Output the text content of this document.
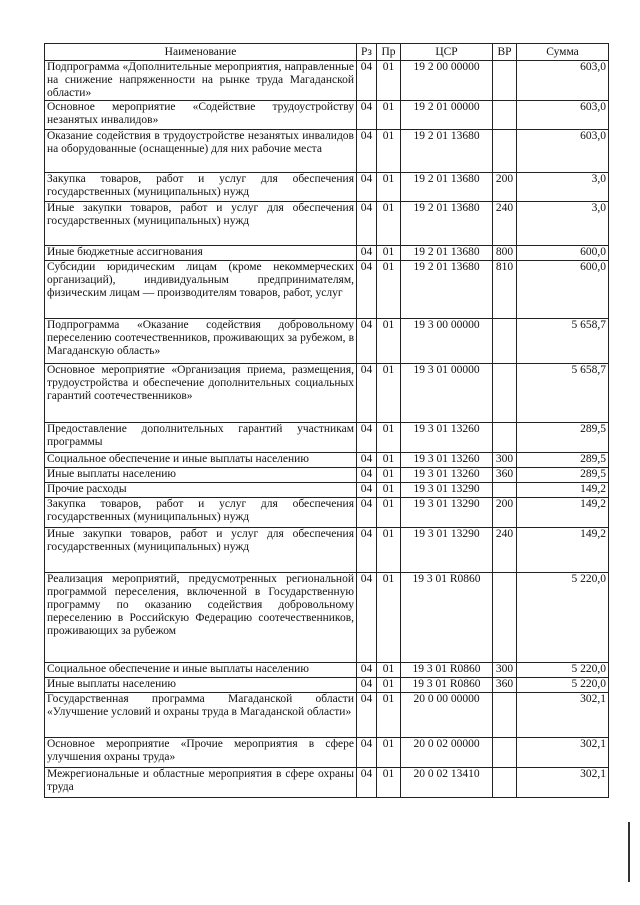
Наименование	Рз	Пр	ЦСР	ВР	Сумма
Подпрограмма «Дополнительные мероприятия, направленные на снижение напряженности на рынке труда Магаданской области»	04	01	19 2 00 00000		603,0
Основное мероприятие «Содействие трудоустройству незанятых инвалидов»	04	01	19 2 01 00000		603,0
Оказание содействия в трудоустройстве незанятых инвалидов на оборудованные (оснащенные) для них рабочие места	04	01	19 2 01 13680		603,0
Закупка товаров, работ и услуг для обеспечения государственных (муниципальных) нужд	04	01	19 2 01 13680	200	3,0
Иные закупки товаров, работ и услуг для обеспечения государственных (муниципальных) нужд	04	01	19 2 01 13680	240	3,0
Иные бюджетные ассигнования	04	01	19 2 01 13680	800	600,0
Субсидии юридическим лицам (кроме некоммерческих организаций), индивидуальным предпринимателям, физическим лицам — производителям товаров, работ, услуг	04	01	19 2 01 13680	810	600,0
Подпрограмма «Оказание содействия добровольному переселению соотечественников, проживающих за рубежом, в Магаданскую область»	04	01	19 3 00 00000		5 658,7
Основное мероприятие «Организация приема, размещения, трудоустройства и обеспечение дополнительных социальных гарантий соотечественников»	04	01	19 3 01 00000		5 658,7
Предоставление дополнительных гарантий участникам программы	04	01	19 3 01 13260		289,5
Социальное обеспечение и иные выплаты населению	04	01	19 3 01 13260	300	289,5
Иные выплаты населению	04	01	19 3 01 13260	360	289,5
Прочие расходы	04	01	19 3 01 13290		149,2
Закупка товаров, работ и услуг для обеспечения государственных (муниципальных) нужд	04	01	19 3 01 13290	200	149,2
Иные закупки товаров, работ и услуг для обеспечения государственных (муниципальных) нужд	04	01	19 3 01 13290	240	149,2
Реализация мероприятий, предусмотренных региональной программой переселения, включенной в Государственную программу по оказанию содействия добровольному переселению в Российскую Федерацию соотечественников, проживающих за рубежом	04	01	19 3 01 R0860		5 220,0
Социальное обеспечение и иные выплаты населению	04	01	19 3 01 R0860	300	5 220,0
Иные выплаты населению	04	01	19 3 01 R0860	360	5 220,0
Государственная программа Магаданской области «Улучшение условий и охраны труда в Магаданской области»	04	01	20 0 00 00000		302,1
Основное мероприятие «Прочие мероприятия в сфере улучшения охраны труда»	04	01	20 0 02 00000		302,1
Межрегиональные и областные мероприятия в сфере охраны труда	04	01	20 0 02 13410		302,1
